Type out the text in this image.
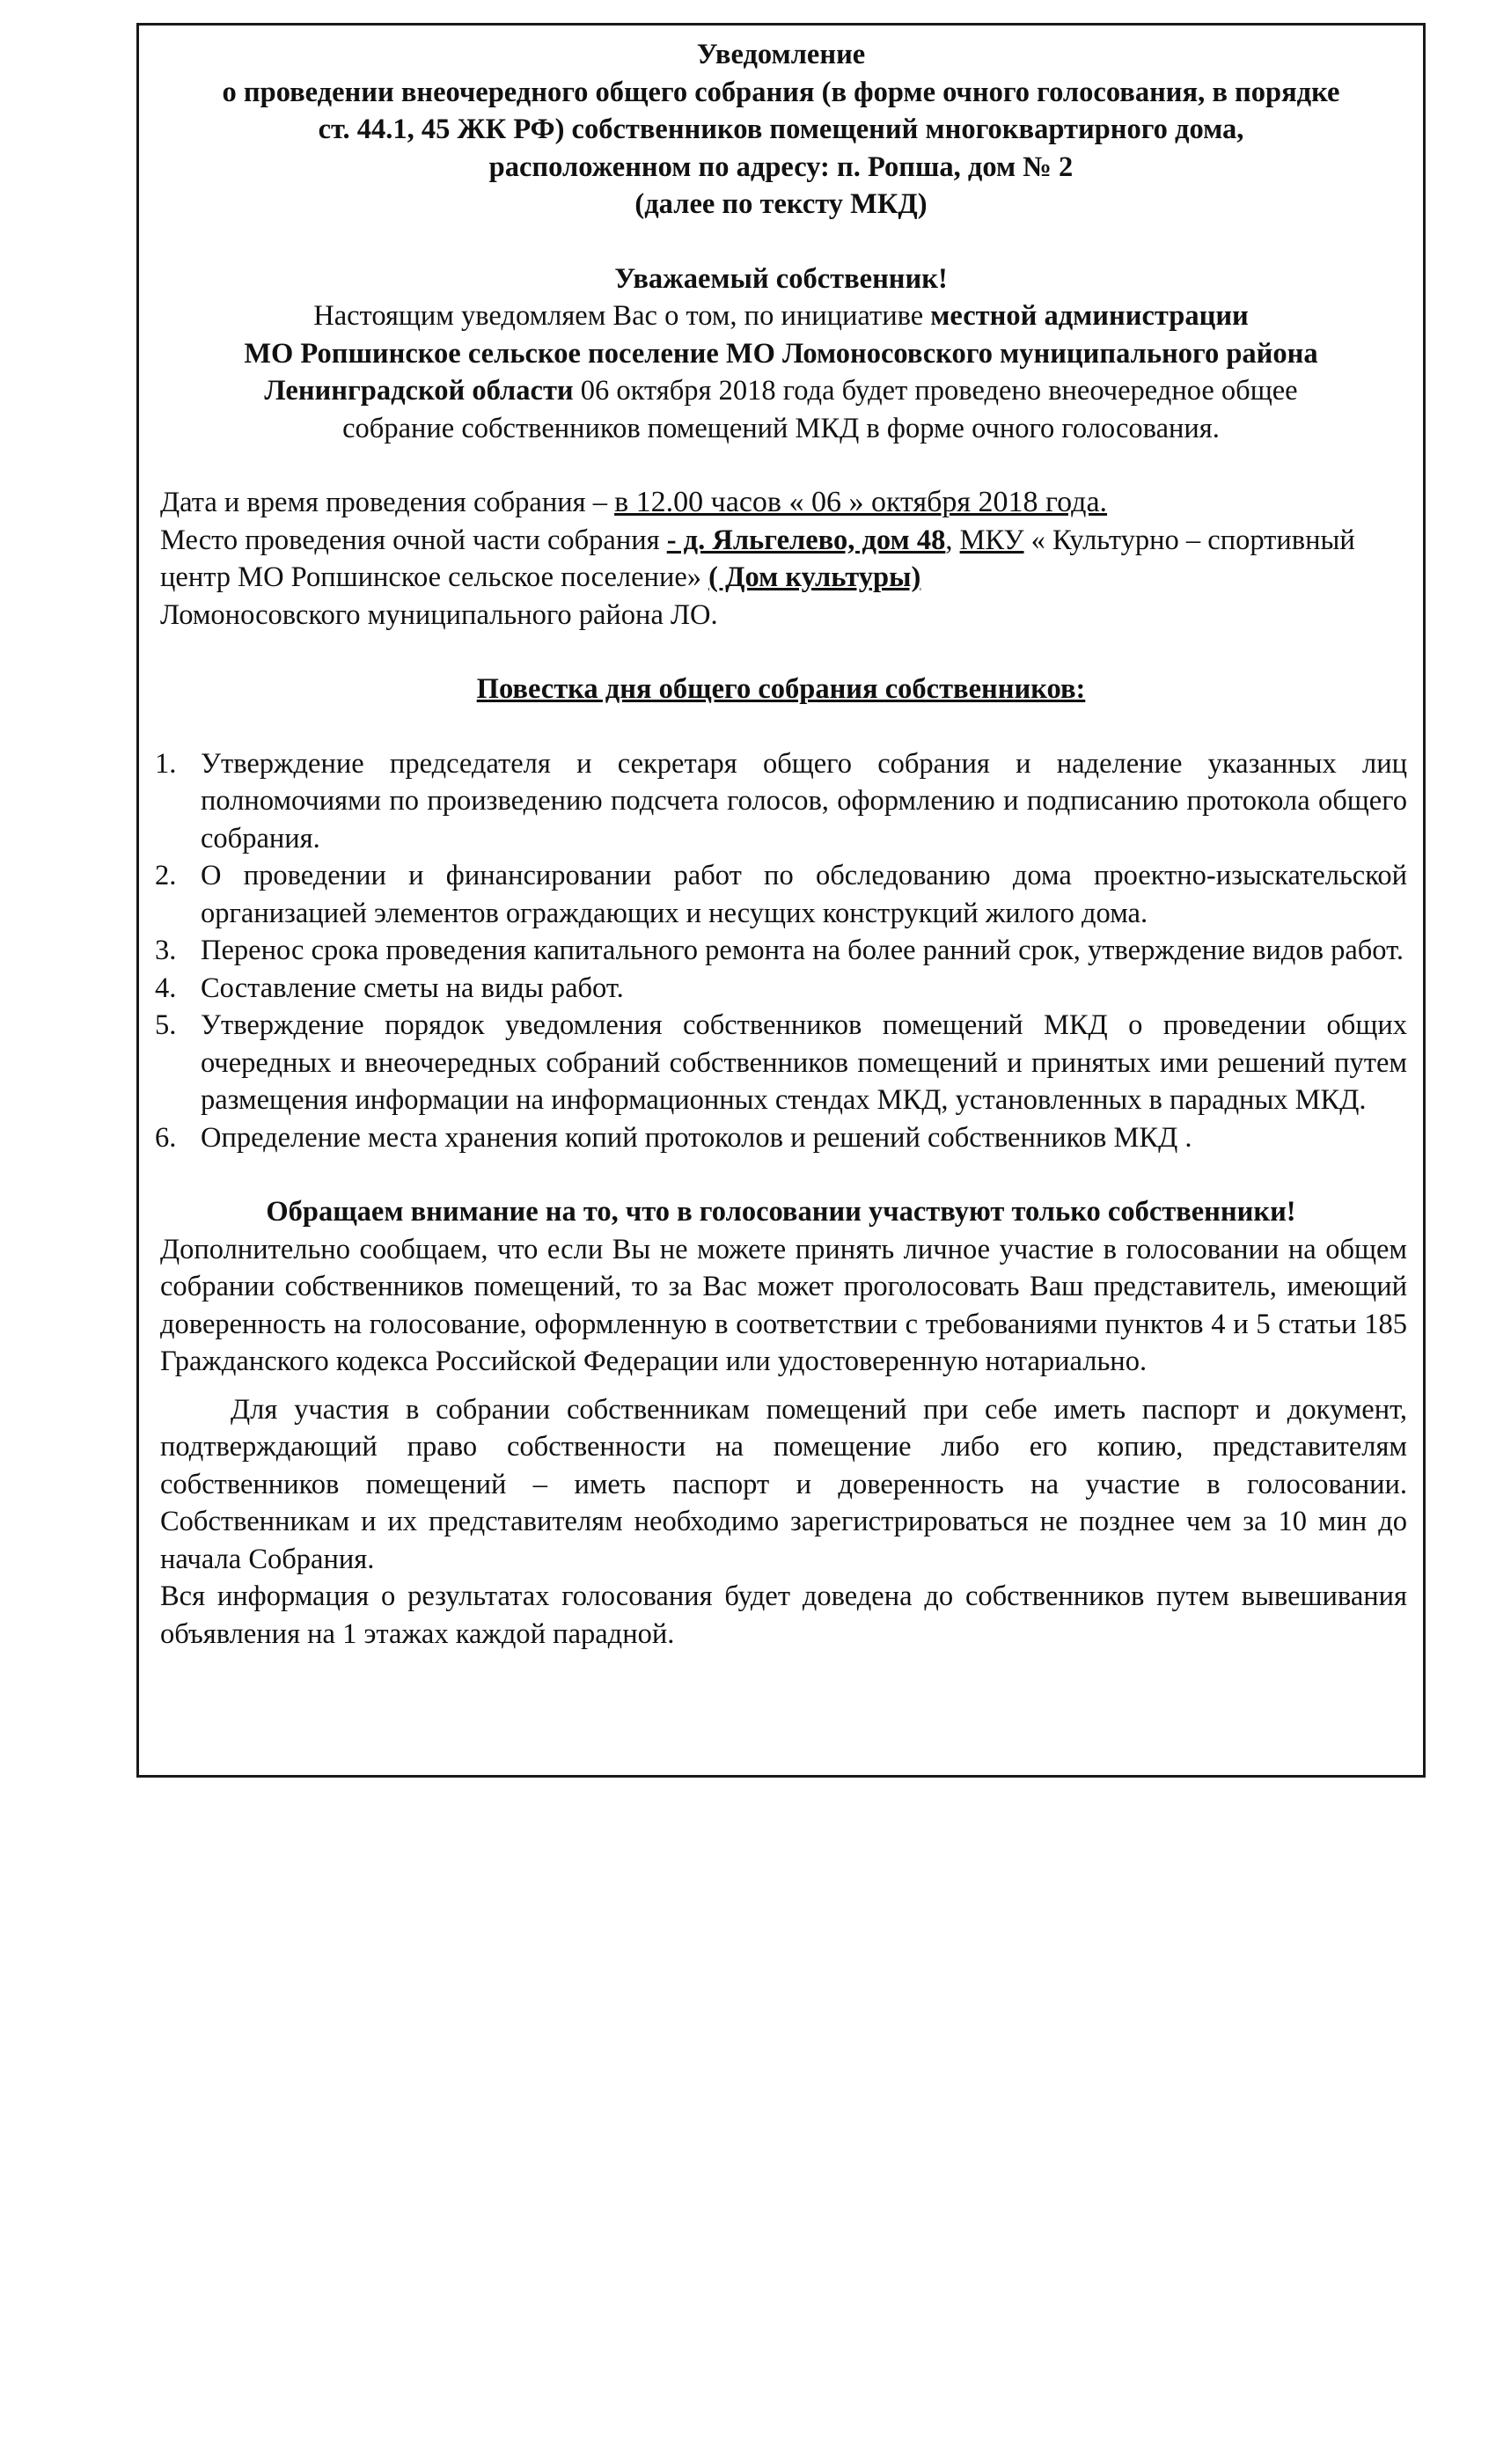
Уведомление
о проведении внеочередного общего собрания (в форме очного голосования, в порядке
ст. 44.1, 45 ЖК РФ) собственников помещений многоквартирного дома,
расположенном по адресу: п. Ропша, дом № 2
(далее по тексту МКД)
Уважаемый собственник!
Настоящим уведомляем Вас о том, по инициативе местной администрации
МО Ропшинское сельское поселение МО Ломоносовского муниципального района
Ленинградской области 06 октября 2018 года будет проведено внеочередное общее
собрание собственников помещений МКД в форме очного голосования.
Дата и время проведения собрания – в 12.00 часов « 06 » октября 2018 года.
Место проведения очной части собрания - д. Яльгелево, дом 48, МКУ « Культурно – спортивный центр МО Ропшинское сельское поселение» ( Дом культуры)
Ломоносовского муниципального района ЛО.
Повестка дня общего собрания собственников:
1. Утверждение председателя и секретаря общего собрания и наделение указанных лиц полномочиями по произведению подсчета голосов, оформлению и подписанию протокола общего собрания.
2. О проведении и финансировании работ по обследованию дома проектно-изыскательской организацией элементов ограждающих и несущих конструкций жилого дома.
3. Перенос срока проведения капитального ремонта на более ранний срок, утверждение видов работ.
4. Составление сметы на виды работ.
5. Утверждение порядок уведомления собственников помещений МКД о проведении общих очередных и внеочередных собраний собственников помещений и принятых ими решений путем размещения информации на информационных стендах МКД, установленных в парадных МКД.
6. Определение места хранения копий протоколов и решений собственников МКД .
Обращаем внимание на то, что в голосовании участвуют только собственники!
Дополнительно сообщаем, что если Вы не можете принять личное участие в голосовании на общем собрании собственников помещений, то за Вас может проголосовать Ваш представитель, имеющий доверенность на голосование, оформленную в соответствии с требованиями пунктов 4 и 5 статьи 185 Гражданского кодекса Российской Федерации или удостоверенную нотариально.
Для участия в собрании собственникам помещений при себе иметь паспорт и документ, подтверждающий право собственности на помещение либо его копию, представителям собственников помещений – иметь паспорт и доверенность на участие в голосовании. Собственникам и их представителям необходимо зарегистрироваться не позднее чем за 10 мин до начала Собрания.
Вся информация о результатах голосования будет доведена до собственников путем вывешивания объявления на 1 этажах каждой парадной.
